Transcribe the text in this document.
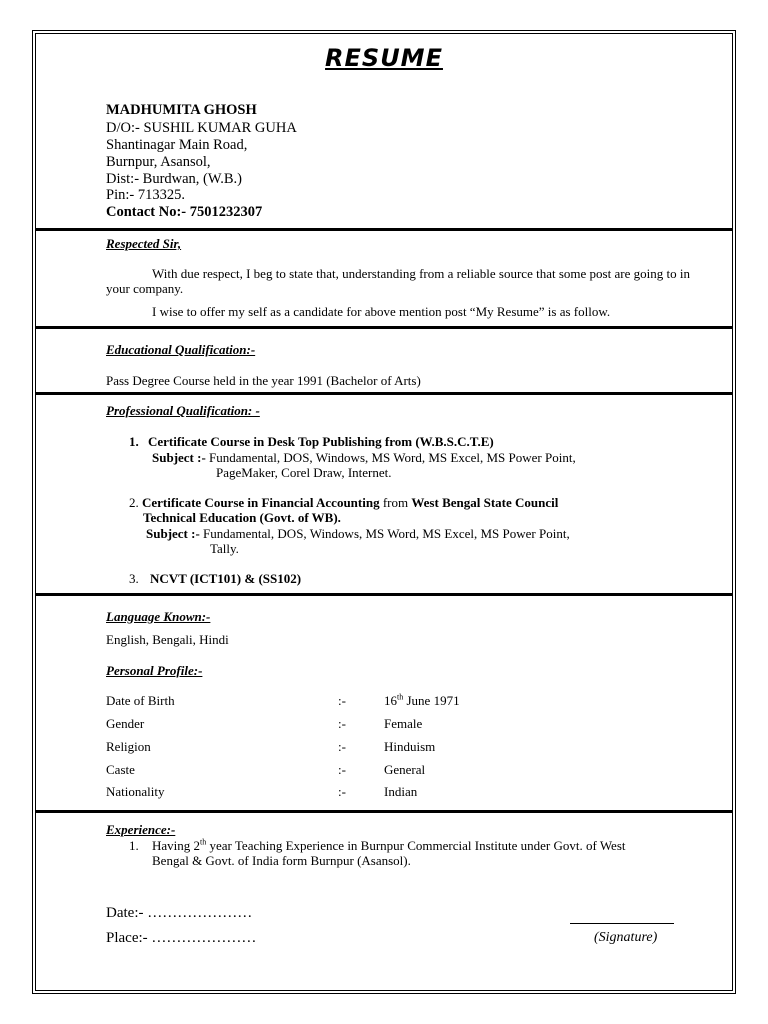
RESUME
MADHUMITA GHOSH
D/O:- SUSHIL KUMAR GUHA
Shantinagar Main Road,
Burnpur, Asansol,
Dist:- Burdwan, (W.B.)
Pin:- 713325.
Contact No:- 7501232307
Respected Sir,
With due respect, I beg to state that, understanding from a reliable source that some post are going to in your company.
I wise to offer my self as a candidate for above mention post “My Resume” is as follow.
Educational Qualification:-
Pass Degree Course held in the year 1991 (Bachelor of Arts)
Professional Qualification: -
1. Certificate Course in Desk Top Publishing from (W.B.S.C.T.E)
Subject :- Fundamental, DOS, Windows, MS Word, MS Excel, MS Power Point,
PageMaker, Corel Draw, Internet.
2. Certificate Course in Financial Accounting from West Bengal State Council
Technical Education (Govt. of WB).
Subject :- Fundamental, DOS, Windows, MS Word, MS Excel, MS Power Point,
Tally.
3. NCVT (ICT101) & (SS102)
Language Known:-
English, Bengali, Hindi
Personal Profile:-
Date of Birth	:-	16th June 1971
Gender	:-	Female
Religion	:-	Hinduism
Caste	:-	General
Nationality	:-	Indian
Experience:-
1. Having 2th year Teaching Experience in Burnpur Commercial Institute under Govt. of West
Bengal & Govt. of India form Burnpur (Asansol).
Date:- …………………
Place:- …………………	(Signature)
